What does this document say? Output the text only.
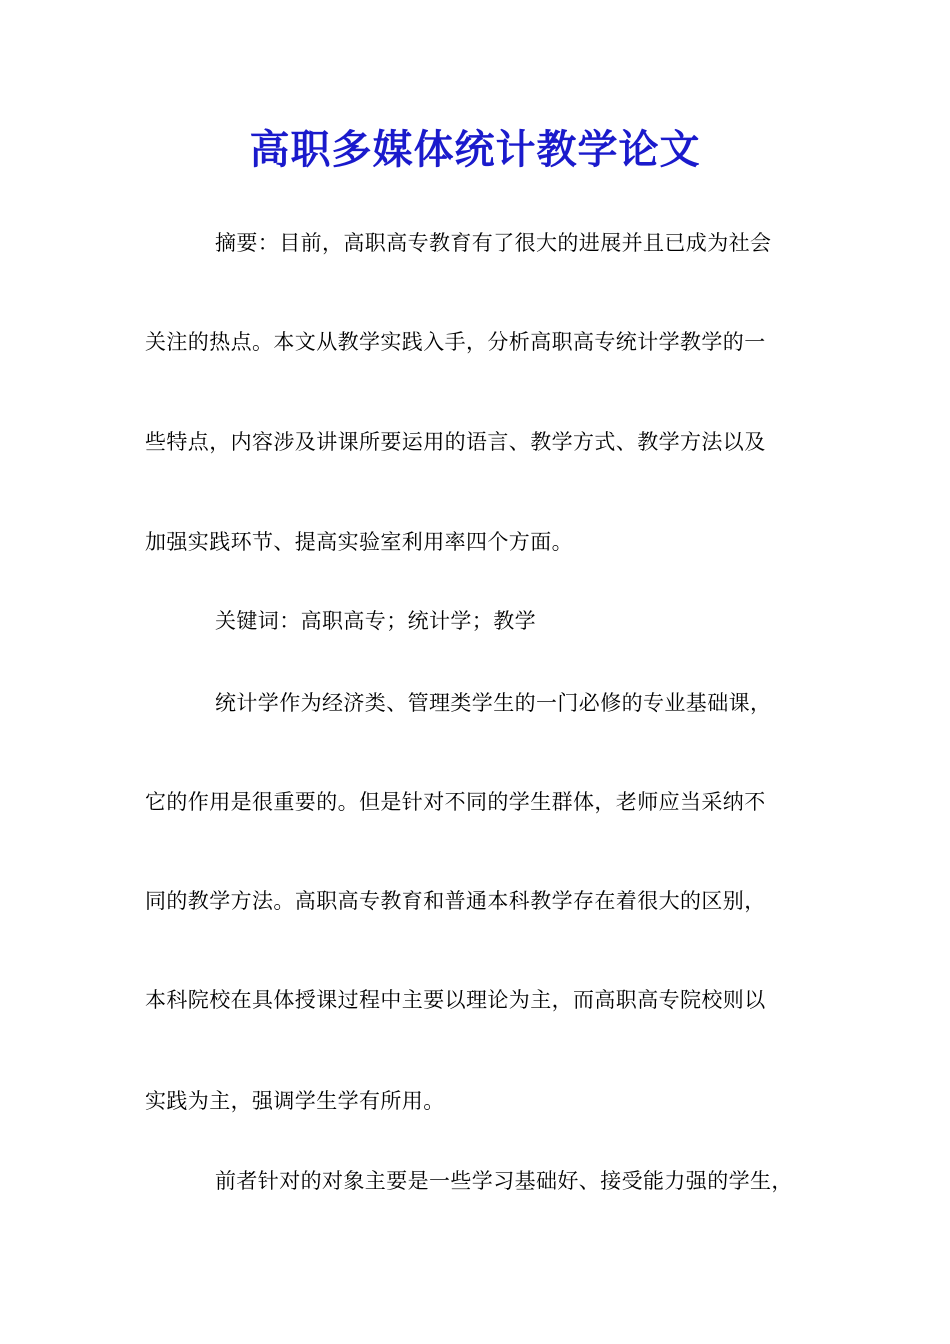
高职多媒体统计教学论文
摘要：目前，高职高专教育有了很大的进展并且已成为社会
关注的热点。本文从教学实践入手，分析高职高专统计学教学的一
些特点，内容涉及讲课所要运用的语言、教学方式、教学方法以及
加强实践环节、提高实验室利用率四个方面。
关键词：高职高专；统计学；教学
统计学作为经济类、管理类学生的一门必修的专业基础课，
它的作用是很重要的。但是针对不同的学生群体，老师应当采纳不
同的教学方法。高职高专教育和普通本科教学存在着很大的区别，
本科院校在具体授课过程中主要以理论为主，而高职高专院校则以
实践为主，强调学生学有所用。
前者针对的对象主要是一些学习基础好、接受能力强的学生，
